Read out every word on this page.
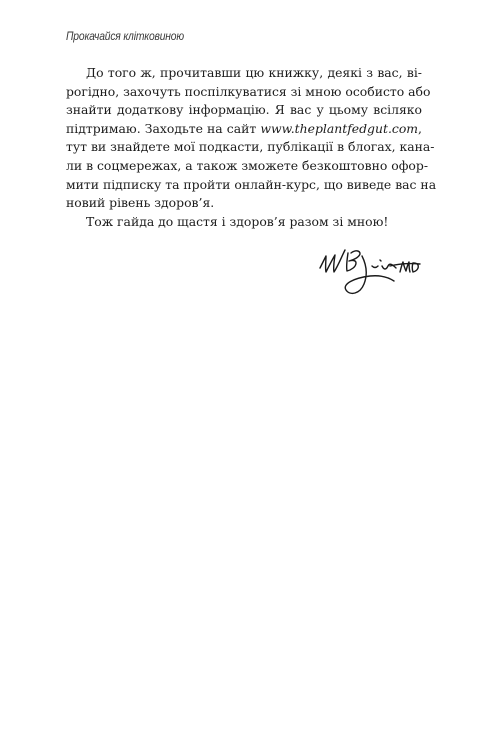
Прокачайся клітковиною
До того ж, прочитавши цю книжку, деякі з вас, ві-
рогідно, захочуть поспілкуватися зі мною особисто або
знайти додаткову інформацію. Я вас у цьому всіляко
підтримаю. Заходьте на сайт www.theplantfedgut.com,
тут ви знайдете мої подкасти, публікації в блогах, кана-
ли в соцмережах, а також зможете безкоштовно офор-
мити підписку та пройти онлайн-курс, що виведе вас на
новий рівень здоров’я.
Тож гайда до щастя і здоров’я разом зі мною!
